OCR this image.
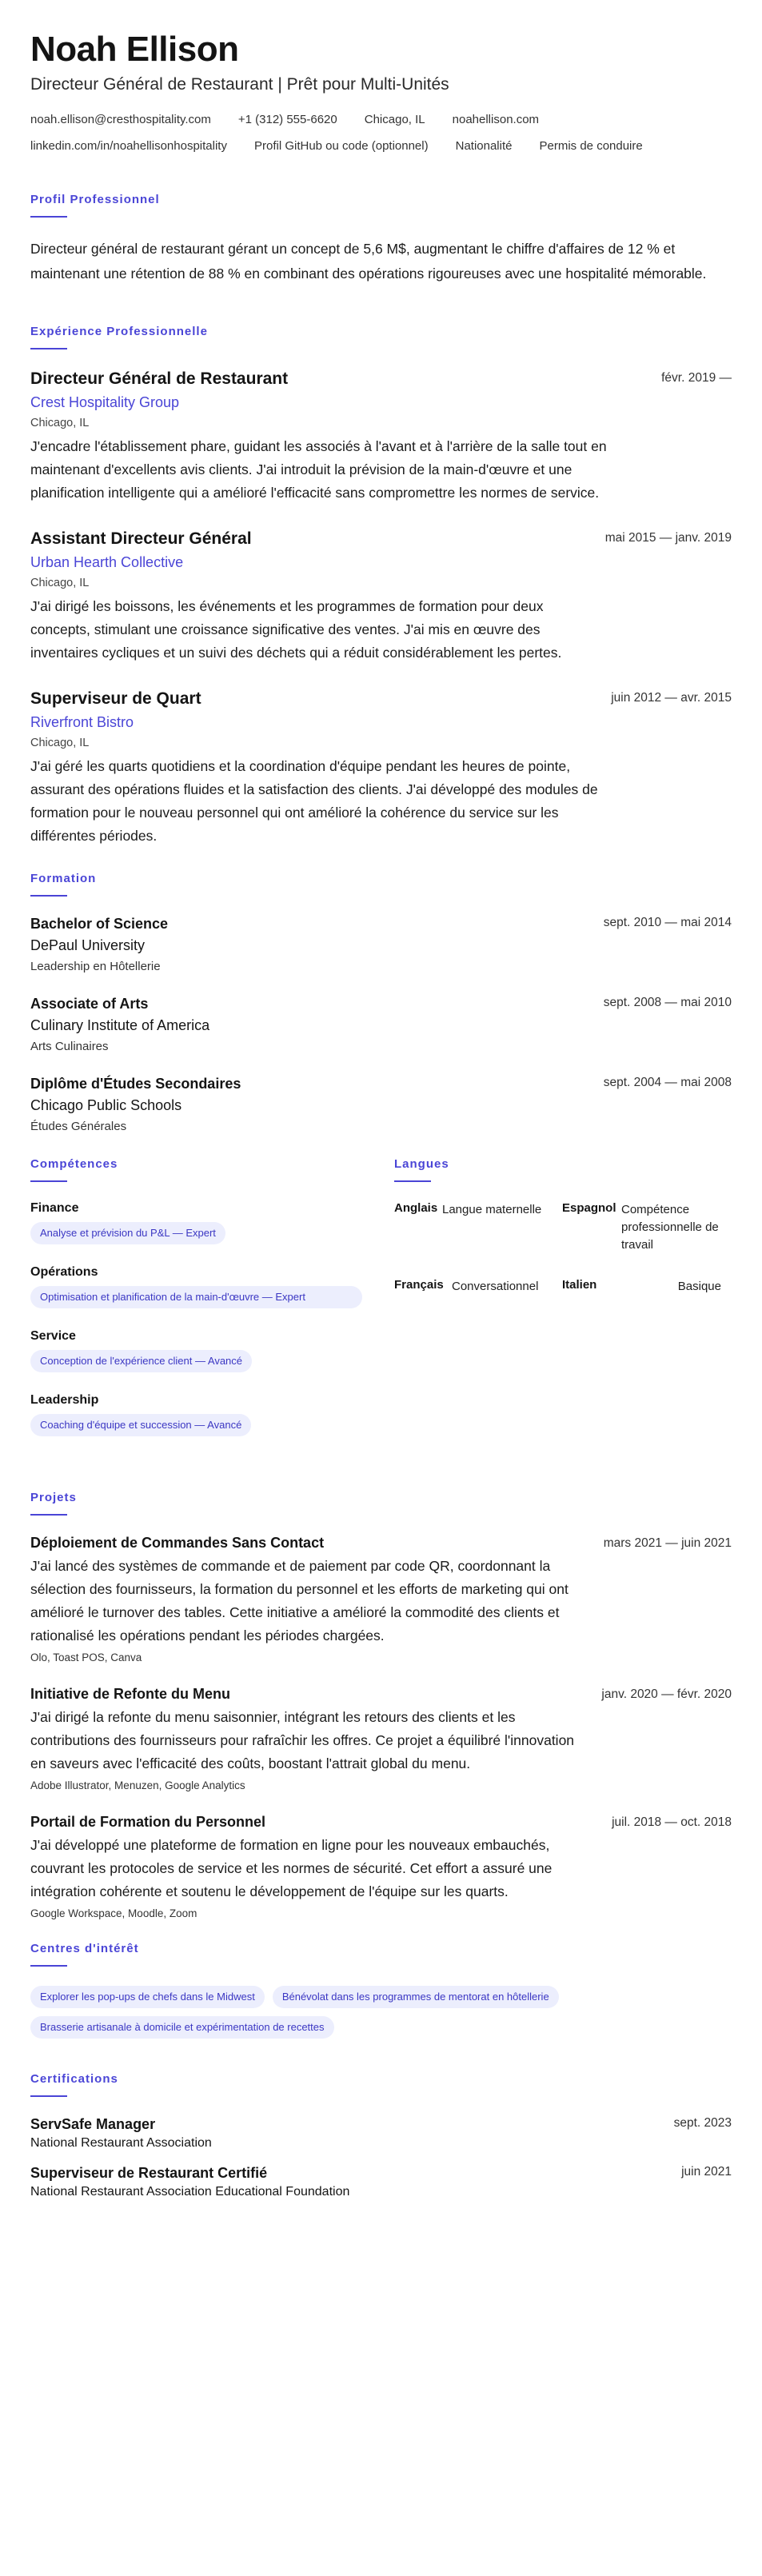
Noah Ellison
Directeur Général de Restaurant | Prêt pour Multi-Unités
noah.ellison@cresthospitality.com +1 (312) 555-6620 Chicago, IL noahellison.com
linkedin.com/in/noahellisonhospitality Profil GitHub ou code (optionnel) Nationalité Permis de conduire
Profil Professionnel

Directeur général de restaurant gérant un concept de 5,6 M$, augmentant le chiffre d'affaires de 12 % et maintenant une rétention de 88 % en combinant des opérations rigoureuses avec une hospitalité mémorable.

Expérience Professionnelle
Directeur Général de Restaurant
Crest Hospitality Group
Chicago, IL

J'encadre l'établissement phare, guidant les associés à l'avant et à l'arrière de la salle tout en maintenant d'excellents avis clients. J'ai introduit la prévision de la main-d'œuvre et une planification intelligente qui a amélioré l'efficacité sans compromettre les normes de service.

févr. 2019 —
Assistant Directeur Général
Urban Hearth Collective
Chicago, IL

J'ai dirigé les boissons, les événements et les programmes de formation pour deux concepts, stimulant une croissance significative des ventes. J'ai mis en œuvre des inventaires cycliques et un suivi des déchets qui a réduit considérablement les pertes.

mai 2015 — janv. 2019
Superviseur de Quart
Riverfront Bistro
Chicago, IL

J'ai géré les quarts quotidiens et la coordination d'équipe pendant les heures de pointe, assurant des opérations fluides et la satisfaction des clients. J'ai développé des modules de formation pour le nouveau personnel qui ont amélioré la cohérence du service sur les différentes périodes.

juin 2012 — avr. 2015
Formation
Bachelor of Science
DePaul University
Leadership en Hôtellerie
sept. 2010 — mai 2014
Associate of Arts
Culinary Institute of America
Arts Culinaires
sept. 2008 — mai 2010
Diplôme d'Études Secondaires
Chicago Public Schools
Études Générales
sept. 2004 — mai 2008
Compétences
Finance
Analyse et prévision du P&L — Expert
Opérations
Optimisation et planification de la main-d'œuvre — Expert
Service
Conception de l'expérience client — Avancé
Leadership
Coaching d'équipe et succession — Avancé
Langues
Anglais Langue maternelle	Espagnol Compétence professionnelle de travail
Français Conversationnel	Italien	Basique
Projets
Déploiement de Commandes Sans Contact

J'ai lancé des systèmes de commande et de paiement par code QR, coordonnant la sélection des fournisseurs, la formation du personnel et les efforts de marketing qui ont amélioré le turnover des tables. Cette initiative a amélioré la commodité des clients et rationalisé les opérations pendant les périodes chargées.

Olo, Toast POS, Canva
mars 2021 — juin 2021
Initiative de Refonte du Menu

J'ai dirigé la refonte du menu saisonnier, intégrant les retours des clients et les contributions des fournisseurs pour rafraîchir les offres. Ce projet a équilibré l'innovation en saveurs avec l'efficacité des coûts, boostant l'attrait global du menu.

Adobe Illustrator, Menuzen, Google Analytics
janv. 2020 — févr. 2020
Portail de Formation du Personnel

J'ai développé une plateforme de formation en ligne pour les nouveaux embauchés, couvrant les protocoles de service et les normes de sécurité. Cet effort a assuré une intégration cohérente et soutenu le développement de l'équipe sur les quarts.

Google Workspace, Moodle, Zoom
juil. 2018 — oct. 2018
Centres d'intérêt
Explorer les pop-ups de chefs dans le Midwest	Bénévolat dans les programmes de mentorat en hôtellerie
Brasserie artisanale à domicile et expérimentation de recettes
Certifications
ServSafe Manager
National Restaurant Association
sept. 2023
Superviseur de Restaurant Certifié
National Restaurant Association Educational Foundation
juin 2021
